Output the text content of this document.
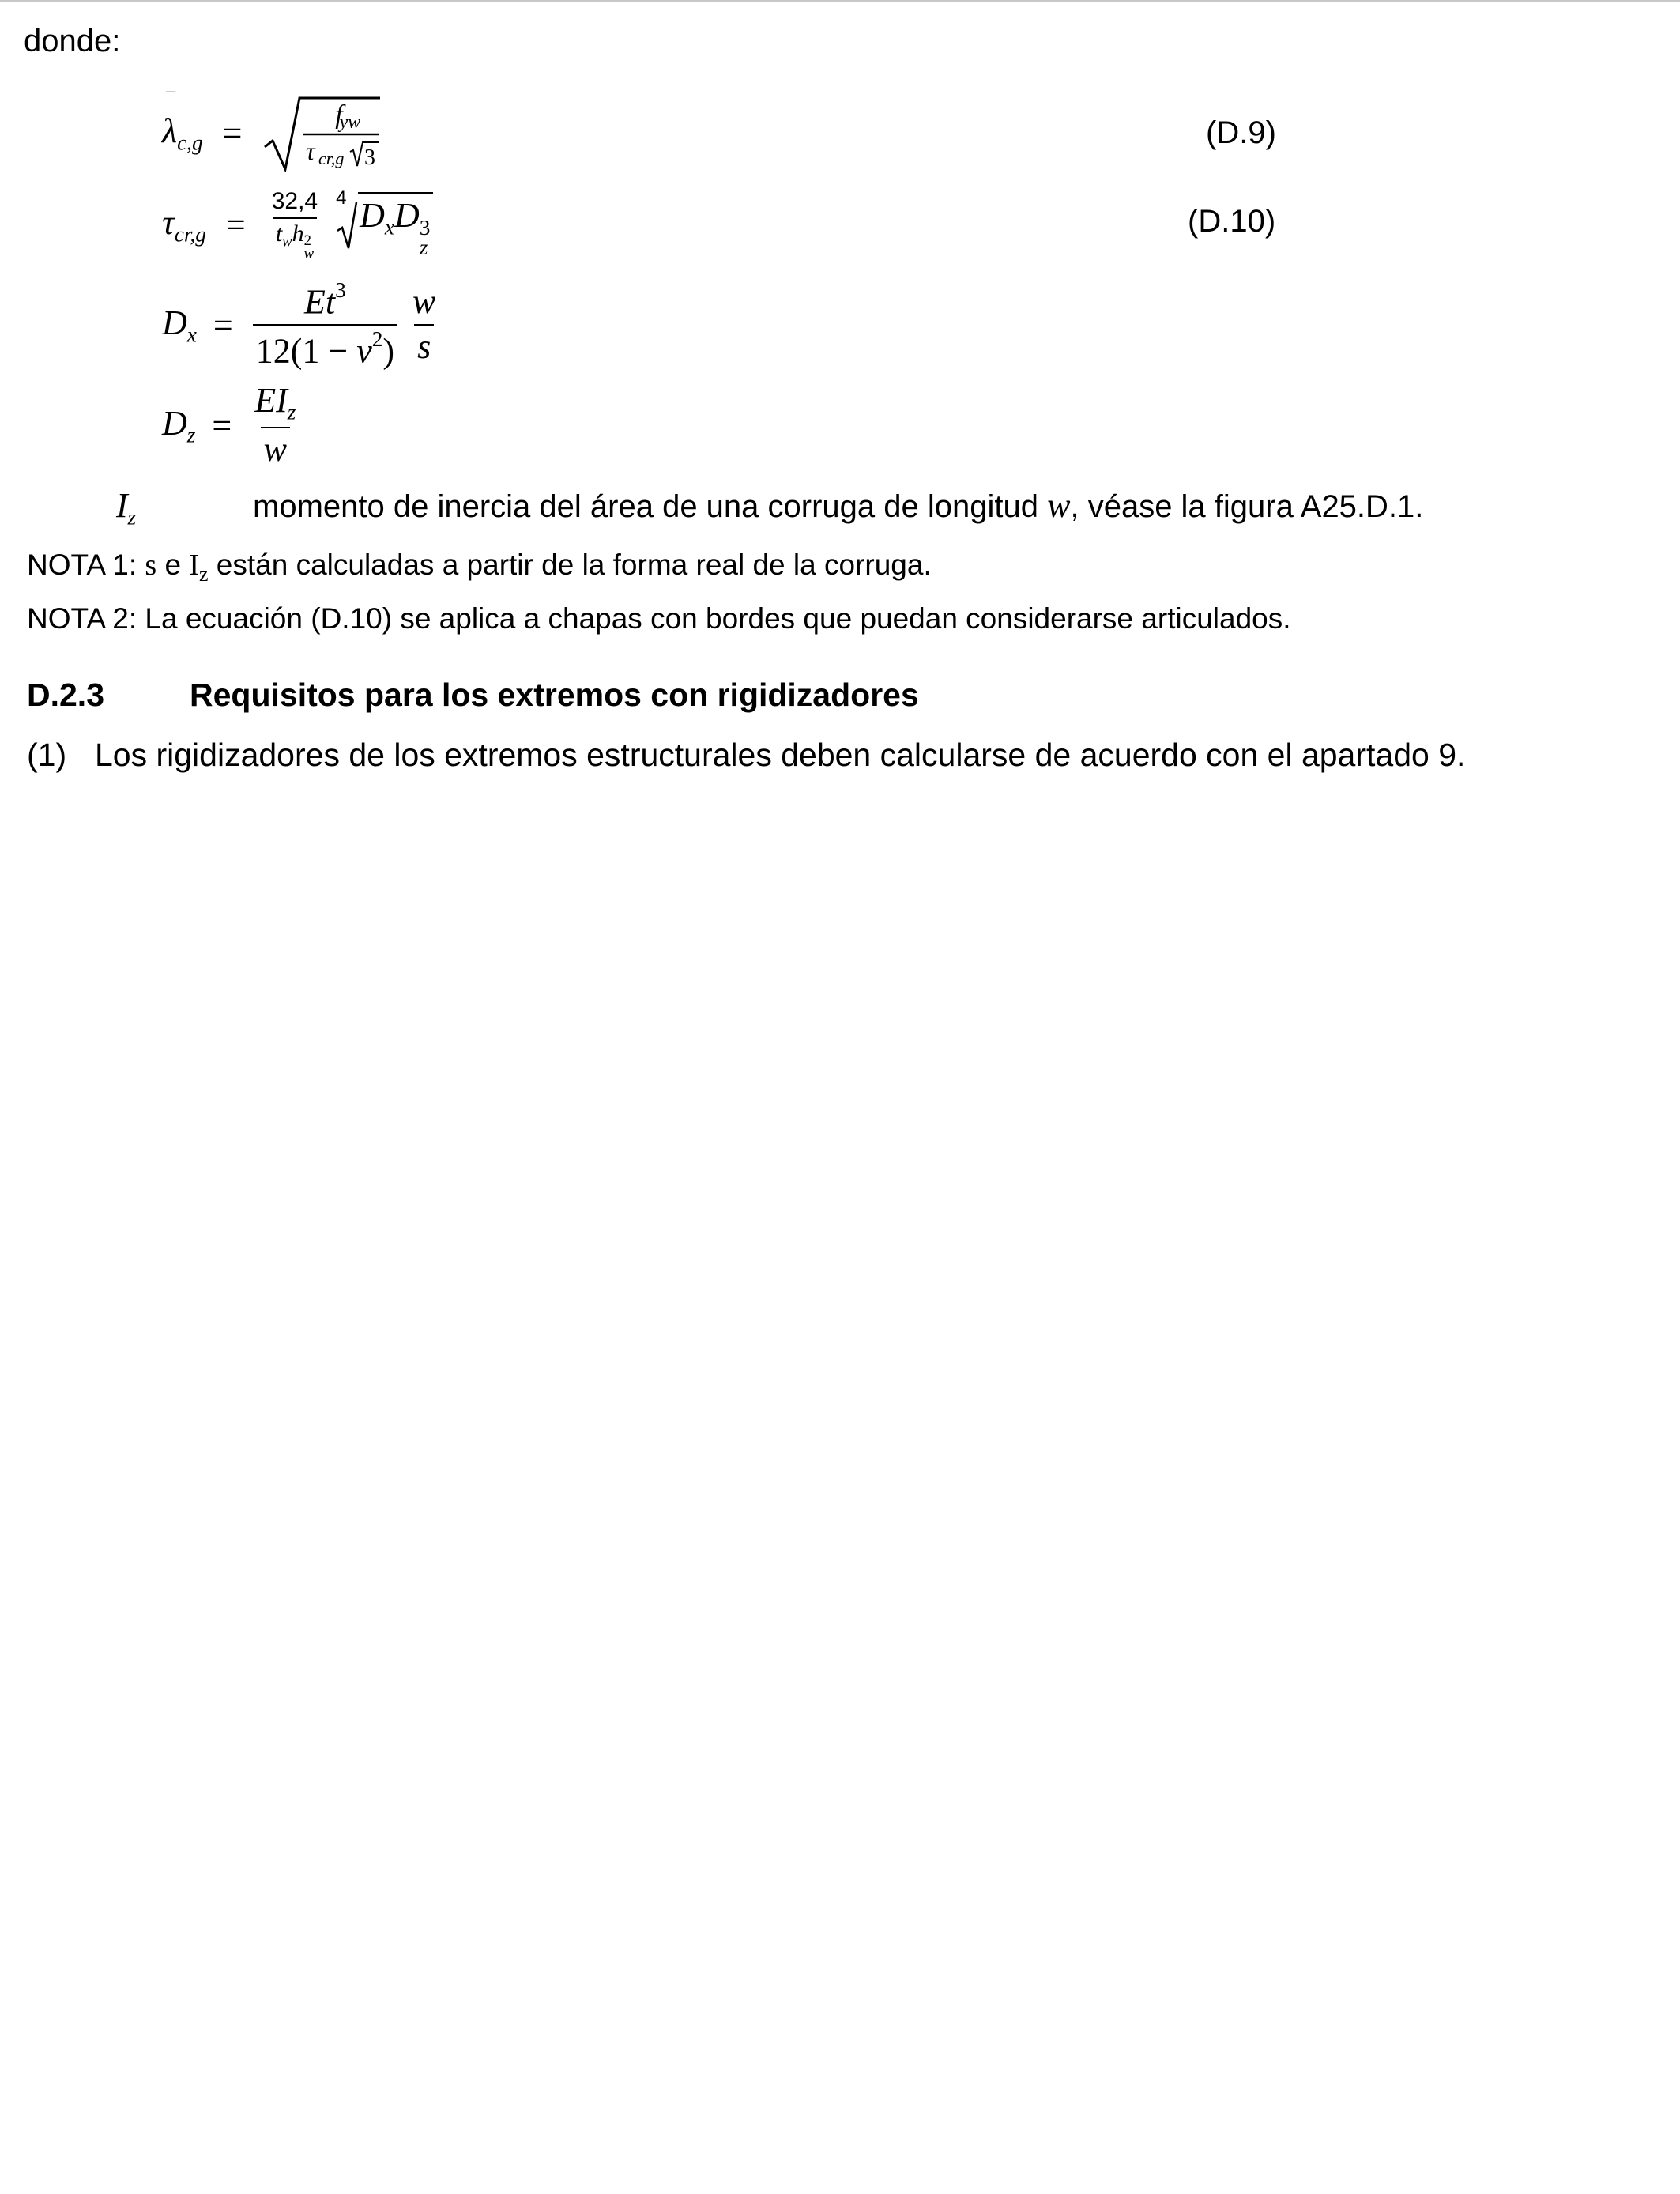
donde:
λ
‾
$_{c,g}$ =	f
yw
τ cr,g 3
(D.9)
$\tau_{cr,g} = 32,4$
$t_wh$ 2
w
4 $D_xD$ 3
z
(D.10)
$D_x = \frac{Et^3}{12(1 - \nu^2)}$
$\frac{w}{s}$
$D_z = \frac{EI_z}{w}$
$I_z$	momento de inercia del área de una corruga de longitud w, véase la figura A25.D.1.
NOTA 1: s e $I_z$ están calculadas a partir de la forma real de la corruga.
NOTA 2: La ecuación (D.10) se aplica a chapas con bordes que puedan considerarse articulados.
D.2.3	Requisitos para los extremos con rigidizadores
(1) Los rigidizadores de los extremos estructurales deben calcularse de acuerdo con el apartado 9.
